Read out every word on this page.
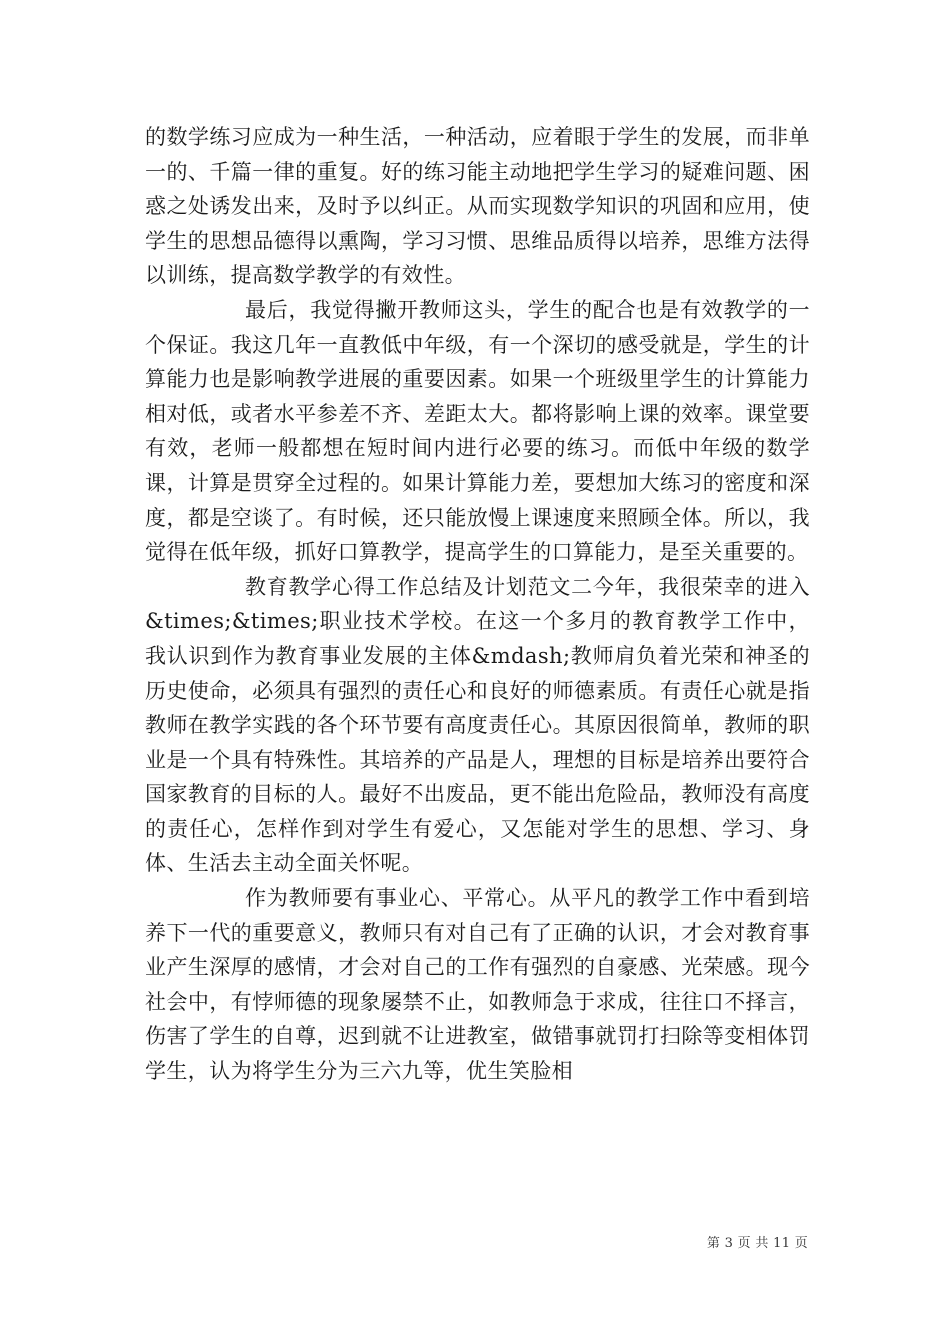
的数学练习应成为一种生活，一种活动，应着眼于学生的发展，而非单一的、千篇一律的重复。好的练习能主动地把学生学习的疑难问题、困惑之处诱发出来，及时予以纠正。从而实现数学知识的巩固和应用，使学生的思想品德得以熏陶，学习习惯、思维品质得以培养，思维方法得以训练，提高数学教学的有效性。

最后，我觉得撇开教师这头，学生的配合也是有效教学的一个保证。我这几年一直教低中年级，有一个深切的感受就是，学生的计算能力也是影响教学进展的重要因素。如果一个班级里学生的计算能力相对低，或者水平参差不齐、差距太大。都将影响上课的效率。课堂要有效，老师一般都想在短时间内进行必要的练习。而低中年级的数学课，计算是贯穿全过程的。如果计算能力差，要想加大练习的密度和深度，都是空谈了。有时候，还只能放慢上课速度来照顾全体。所以，我觉得在低年级，抓好口算教学，提高学生的口算能力，是至关重要的。

教育教学心得工作总结及计划范文二今年，我很荣幸的进入&times;&times;职业技术学校。在这一个多月的教育教学工作中，我认识到作为教育事业发展的主体&mdash;教师肩负着光荣和神圣的历史使命，必须具有强烈的责任心和良好的师德素质。有责任心就是指教师在教学实践的各个环节要有高度责任心。其原因很简单，教师的职业是一个具有特殊性。其培养的产品是人，理想的目标是培养出要符合国家教育的目标的人。最好不出废品，更不能出危险品，教师没有高度的责任心，怎样作到对学生有爱心，又怎能对学生的思想、学习、身体、生活去主动全面关怀呢。

作为教师要有事业心、平常心。从平凡的教学工作中看到培养下一代的重要意义，教师只有对自己有了正确的认识，才会对教育事业产生深厚的感情，才会对自己的工作有强烈的自豪感、光荣感。现今社会中，有悖师德的现象屡禁不止，如教师急于求成，往往口不择言，伤害了学生的自尊，迟到就不让进教室，做错事就罚打扫除等变相体罚学生，认为将学生分为三六九等，优生笑脸相

第 3 页 共 11 页
